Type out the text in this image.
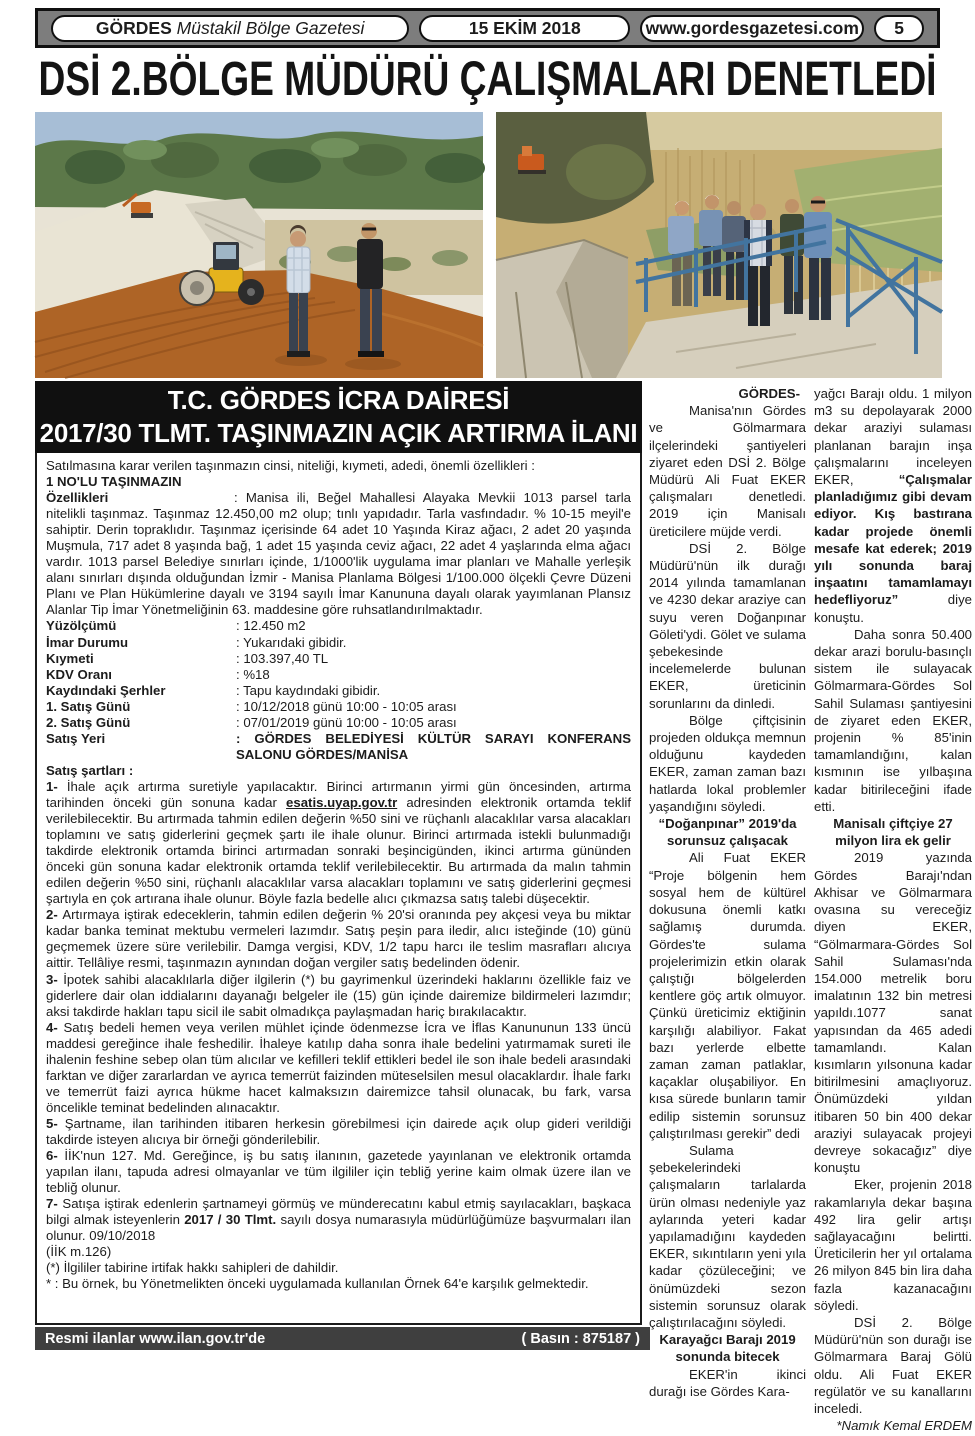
GÖRDES
Müstakil Bölge Gazetesi	15 EKİM 2018	www.gordesgazetesi.com	5
DSİ 2.BÖLGE MÜDÜRÜ ÇALIŞMALARI DENETLEDİ
T.C. GÖRDES İCRA DAİRESİ
2017/30 TLMT. TAŞINMAZIN AÇIK ARTIRMA İLANI

Satılmasına karar verilen taşınmazın cinsi, niteliği, kıymeti, adedi, önemli özellikleri :

1 NO'LU TAŞINMAZIN

Özellikleri	: Manisa ili, Beğel Mahallesi Alayaka Mevkii 1013 parsel tarla nitelikli taşınmaz. Taşınmaz 12.450,00 m2 olup; tınlı yapıdadır. Tarla vasfındadır. % 10-15 meyil'e sahiptir. Derin topraklıdır. Taşınmaz içerisinde 64 adet 10 Yaşında Kiraz ağacı, 2 adet 20 yaşında Muşmula, 717 adet 8 yaşında bağ, 1 adet 15 yaşında ceviz ağacı, 22 adet 4 yaşlarında elma ağacı vardır. 1013 parsel Belediye sınırları içinde, 1/1000'lik uygulama imar planları ve Mahalle yerleşik alanı sınırları dışında olduğundan İzmir - Manisa Planlama Bölgesi 1/100.000 ölçekli Çevre Düzeni Planı ve Plan Hükümlerine dayalı ve 3194 sayılı İmar Kanununa dayalı olarak yayımlanan Plansız Alanlar Tip İmar Yönetmeliğinin 63. maddesine göre ruhsatlandırılmaktadır.

Yüzölçümü	: 12.450 m2
İmar Durumu	: Yukarıdaki gibidir.
Kıymeti	: 103.397,40 TL
KDV Oranı	: %18
Kaydındaki Şerhler	: Tapu kaydındaki gibidir.
1. Satış Günü	: 10/12/2018 günü 10:00 - 10:05 arası
2. Satış Günü	: 07/01/2019 günü 10:00 - 10:05 arası
Satış Yeri	: GÖRDES BELEDİYESİ KÜLTÜR SARAYI KONFERANS SALONU GÖRDES/MANİSA

Satış şartları :

1- İhale açık artırma suretiyle yapılacaktır. Birinci artırmanın yirmi gün öncesinden, artırma tarihinden önceki gün sonuna kadar esatis.uyap.gov.tr adresinden elektronik ortamda teklif verilebilecektir. Bu artırmada tahmin edilen değerin %50 sini ve rüçhanlı alacaklılar varsa alacakları toplamını ve satış giderlerini geçmek şartı ile ihale olunur. Birinci artırmada istekli bulunmadığı takdirde elektronik ortamda birinci artırmadan sonraki beşincigünden, ikinci artırma gününden önceki gün sonuna kadar elektronik ortamda teklif verilebilecektir. Bu artırmada da malın tahmin edilen değerin %50 sini, rüçhanlı alacaklılar varsa alacakları toplamını ve satış giderlerini geçmesi şartıyla en çok artırana ihale olunur. Böyle fazla bedelle alıcı çıkmazsa satış talebi düşecektir.

2- Artırmaya iştirak edeceklerin, tahmin edilen değerin % 20'si oranında pey akçesi veya bu miktar kadar banka teminat mektubu vermeleri lazımdır. Satış peşin para iledir, alıcı isteğinde (10) günü geçmemek üzere süre verilebilir. Damga vergisi, KDV, 1/2 tapu harcı ile teslim masrafları alıcıya aittir. Tellâliye resmi, taşınmazın aynından doğan vergiler satış bedelinden ödenir.

3- İpotek sahibi alacaklılarla diğer ilgilerin (*) bu gayrimenkul üzerindeki haklarını özellikle faiz ve giderlere dair olan iddialarını dayanağı belgeler ile (15) gün içinde dairemize bildirmeleri lazımdır; aksi takdirde hakları tapu sicil ile sabit olmadıkça paylaşmadan hariç bırakılacaktır.

4- Satış bedeli hemen veya verilen mühlet içinde ödenmezse İcra ve İflas Kanununun 133 üncü maddesi gereğince ihale feshedilir. İhaleye katılıp daha sonra ihale bedelini yatırmamak sureti ile ihalenin feshine sebep olan tüm alıcılar ve kefilleri teklif ettikleri bedel ile son ihale bedeli arasındaki farktan ve diğer zararlardan ve ayrıca temerrüt faizinden müteselsilen mesul olacaklardır. İhale farkı ve temerrüt faizi ayrıca hükme hacet kalmaksızın dairemizce tahsil olunacak, bu fark, varsa öncelikle teminat bedelinden alınacaktır.

5- Şartname, ilan tarihinden itibaren herkesin görebilmesi için dairede açık olup gideri verildiği takdirde isteyen alıcıya bir örneği gönderilebilir.

6- İİK'nun 127. Md. Gereğince, iş bu satış ilanının, gazetede yayınlanan ve elektronik ortamda yapılan ilanı, tapuda adresi olmayanlar ve tüm ilgililer için tebliğ yerine kaim olmak üzere ilan ve tebliğ olunur.

7- Satışa iştirak edenlerin şartnameyi görmüş ve münderecatını kabul etmiş sayılacakları, başkaca bilgi almak isteyenlerin 2017 / 30 Tlmt. sayılı dosya numarasıyla müdürlüğümüze başvurmaları ilan olunur. 09/10/2018

(İİK m.126)

(*) İlgililer tabirine irtifak hakkı sahipleri de dahildir.

* : Bu örnek, bu Yönetmelikten önceki uygulamada kullanılan Örnek 64'e karşılık gelmektedir.

Resmi ilanlar www.ilan.gov.tr'de	( Basın : 875187 )

GÖRDES-

Manisa'nın Gördes ve Gölmarmara ilçelerindeki şantiyeleri ziyaret eden DSİ 2. Bölge Müdürü Ali Fuat EKER çalışmaları denetledi. 2019 için Manisalı üreticilere müjde verdi.

DSİ 2. Bölge Müdürü'nün ilk durağı 2014 yılında tamamlanan ve 4230 dekar araziye can suyu veren Doğanpınar Göleti'ydi. Gölet ve sulama şebekesinde incelemelerde bulunan EKER, üreticinin sorunlarını da dinledi.

Bölge çiftçisinin projeden oldukça memnun olduğunu kaydeden EKER, zaman zaman bazı hatlarda lokal problemler yaşandığını söyledi.

“Doğanpınar” 2019'da sorunsuz çalışacak

Ali Fuat EKER “Proje bölgenin hem sosyal hem de kültürel dokusuna önemli katkı sağlamış durumda. Gördes'te sulama projelerimizin etkin olarak çalıştığı bölgelerden kentlere göç artık olmuyor. Çünkü üreticimiz ektiğinin karşılığı alabiliyor. Fakat bazı yerlerde elbette zaman zaman patlaklar, kaçaklar oluşabiliyor. En kısa sürede bunların tamir edilip sistemin sorunsuz çalıştırılması gerekir” dedi

Sulama şebekelerindeki çalışmaların tarlalarda ürün olması nedeniyle yaz aylarında yeteri kadar yapılamadığını kaydeden EKER, sıkıntıların yeni yıla kadar çözüleceğini; ve önümüzdeki sezon sistemin sorunsuz olarak çalıştırılacağını söyledi.

Karayağcı Barajı 2019 sonunda bitecek

EKER'in ikinci durağı ise Gördes Kara-

yağcı Barajı oldu. 1 milyon m3 su depolayarak 2000 dekar araziyi sulaması planlanan barajın inşa çalışmalarını inceleyen EKER, “Çalışmalar planladığımız gibi devam ediyor. Kış bastırana kadar projede önemli mesafe kat ederek; 2019 yılı sonunda baraj inşaatını tamamlamayı hedefliyoruz” diye konuştu.

Daha sonra 50.400 dekar arazi borulu-basınçlı sistem ile sulayacak Gölmarmara-Gördes Sol Sahil Sulaması şantiyesini de ziyaret eden EKER, projenin % 85'inin tamamlandığını, kalan kısmının ise yılbaşına kadar bitirileceğini ifade etti.

Manisalı çiftçiye 27 milyon lira ek gelir

2019 yazında Gördes Barajı'ndan Akhisar ve Gölmarmara ovasına su vereceğiz diyen EKER, “Gölmarmara-Gördes Sol Sahil Sulaması'nda 154.000 metrelik boru imalatının 132 bin metresi yapıldı.1077 sanat yapısından da 465 adedi tamamlandı. Kalan kısımların yılsonuna kadar bitirilmesini amaçlıyoruz. Önümüzdeki yıldan itibaren 50 bin 400 dekar araziyi sulayacak projeyi devreye sokacağız” diye konuştu

Eker, projenin 2018 rakamlarıyla dekar başına 492 lira gelir artışı sağlayacağını belirtti. Üreticilerin her yıl ortalama 26 milyon 845 bin lira daha fazla kazanacağını söyledi.

DSİ 2. Bölge Müdürü'nün son durağı ise Gölmarmara Baraj Gölü oldu. Ali Fuat EKER regülatör ve su kanallarını inceledi.

*Namık Kemal ERDEM
